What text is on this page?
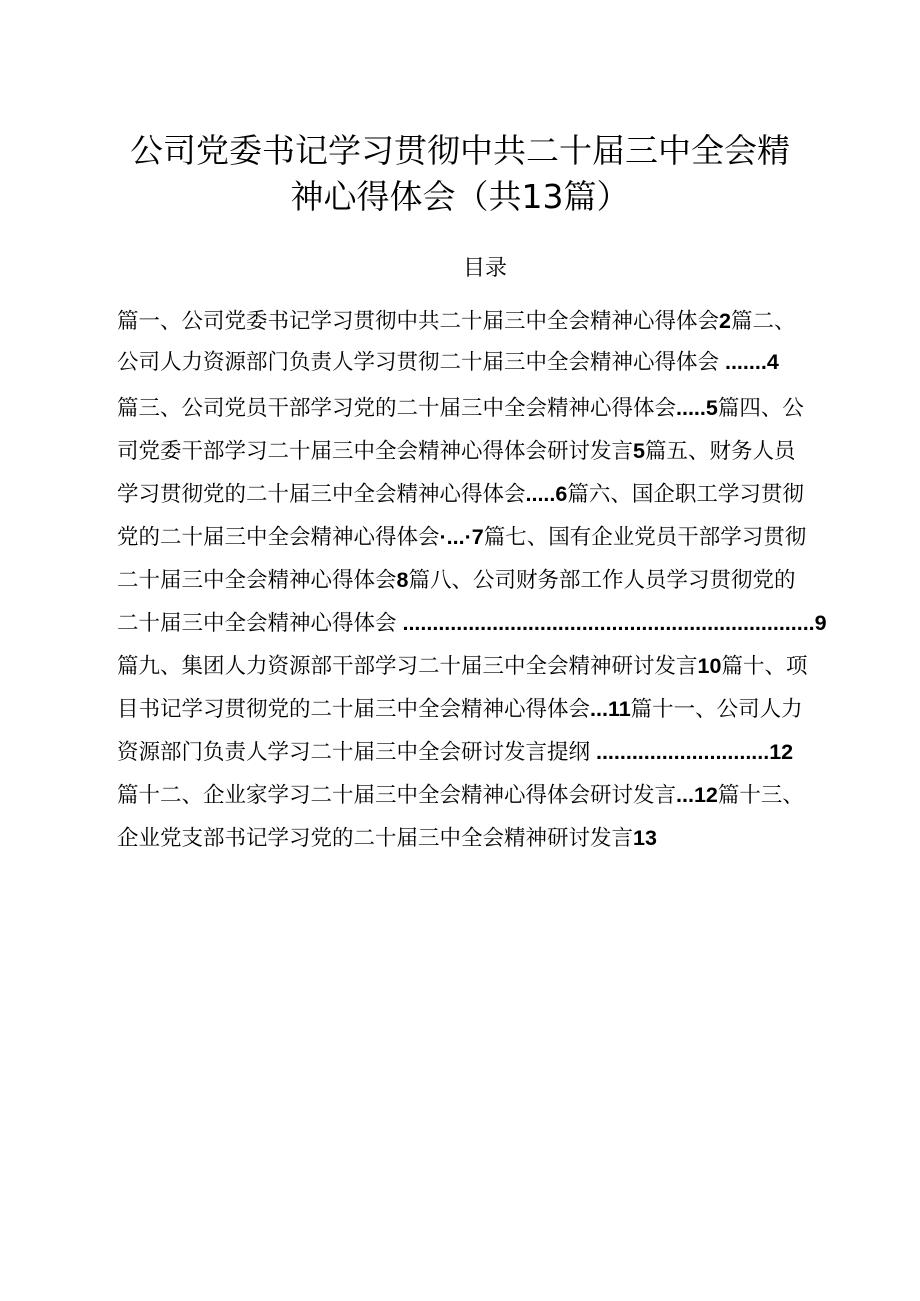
公司党委书记学习贯彻中共二十届三中全会精
神心得体会（共13篇）
目录
篇一、公司党委书记学习贯彻中共二十届三中全会精神心得体会2篇二、
公司人力资源部门负责人学习贯彻二十届三中全会精神心得体会 .......4
篇三、公司党员干部学习党的二十届三中全会精神心得体会.....5篇四、公
司党委干部学习二十届三中全会精神心得体会研讨发言5篇五、财务人员
学习贯彻党的二十届三中全会精神心得体会.....6篇六、国企职工学习贯彻
党的二十届三中全会精神心得体会·...·7篇七、国有企业党员干部学习贯彻
二十届三中全会精神心得体会8篇八、公司财务部工作人员学习贯彻党的
二十届三中全会精神心得体会 .....................................................................9
篇九、集团人力资源部干部学习二十届三中全会精神研讨发言10篇十、项
目书记学习贯彻党的二十届三中全会精神心得体会...11篇十一、公司人力
资源部门负责人学习二十届三中全会研讨发言提纲 .............................12
篇十二、企业家学习二十届三中全会精神心得体会研讨发言...12篇十三、
企业党支部书记学习党的二十届三中全会精神研讨发言13
